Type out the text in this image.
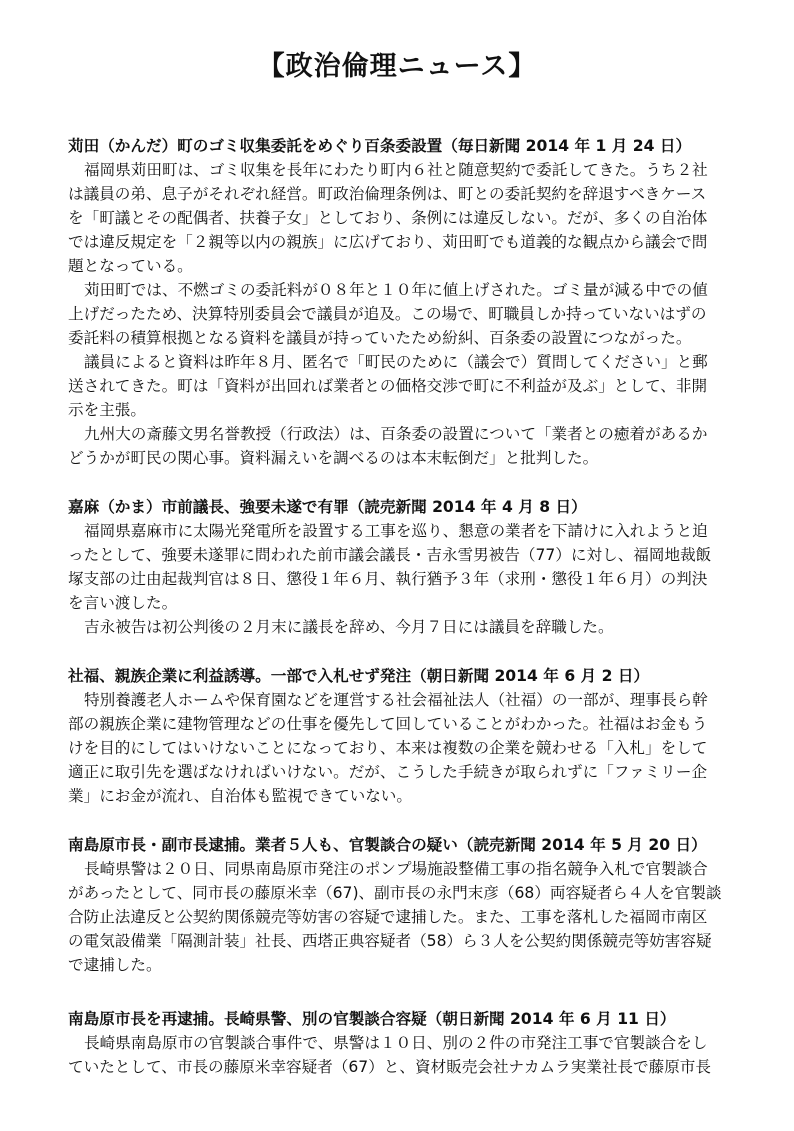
【政治倫理ニュース】
苅田（かんだ）町のゴミ収集委託をめぐり百条委設置（毎日新聞 2014 年 1 月 24 日）

福岡県苅田町は、ゴミ収集を長年にわたり町内６社と随意契約で委託してきた。うち２社
は議員の弟、息子がそれぞれ経営。町政治倫理条例は、町との委託契約を辞退すべきケース
を「町議とその配偶者、扶養子女」としており、条例には違反しない。だが、多くの自治体
では違反規定を「２親等以内の親族」に広げており、苅田町でも道義的な観点から議会で問
題となっている。

苅田町では、不燃ゴミの委託料が０８年と１０年に値上げされた。ゴミ量が減る中での値
上げだったため、決算特別委員会で議員が追及。この場で、町職員しか持っていないはずの
委託料の積算根拠となる資料を議員が持っていたため紛糾、百条委の設置につながった。

議員によると資料は昨年８月、匿名で「町民のために（議会で）質問してください」と郵
送されてきた。町は「資料が出回れば業者との価格交渉で町に不利益が及ぶ」として、非開
示を主張。

九州大の斎藤文男名誉教授（行政法）は、百条委の設置について「業者との癒着があるか
どうかが町民の関心事。資料漏えいを調べるのは本末転倒だ」と批判した。

嘉麻（かま）市前議長、強要未遂で有罪（読売新聞 2014 年 4 月 8 日）

福岡県嘉麻市に太陽光発電所を設置する工事を巡り、懇意の業者を下請けに入れようと迫
ったとして、強要未遂罪に問われた前市議会議長・吉永雪男被告（77）に対し、福岡地裁飯
塚支部の辻由起裁判官は８日、懲役１年６月、執行猶予３年（求刑・懲役１年６月）の判決
を言い渡した。

吉永被告は初公判後の２月末に議長を辞め、今月７日には議員を辞職した。

社福、親族企業に利益誘導。一部で入札せず発注（朝日新聞 2014 年 6 月 2 日）

特別養護老人ホームや保育園などを運営する社会福祉法人（社福）の一部が、理事長ら幹
部の親族企業に建物管理などの仕事を優先して回していることがわかった。社福はお金もう
けを目的にしてはいけないことになっており、本来は複数の企業を競わせる「入札」をして
適正に取引先を選ばなければいけない。だが、こうした手続きが取られずに「ファミリー企
業」にお金が流れ、自治体も監視できていない。

南島原市長・副市長逮捕。業者５人も、官製談合の疑い（読売新聞 2014 年 5 月 20 日）

長崎県警は２０日、同県南島原市発注のポンプ場施設整備工事の指名競争入札で官製談合
があったとして、同市長の藤原米幸（67)、副市長の永門末彦（68）両容疑者ら４人を官製談
合防止法違反と公契約関係競売等妨害の容疑で逮捕した。また、工事を落札した福岡市南区
の電気設備業「隔測計装」社長、西塔正典容疑者（58）ら３人を公契約関係競売等妨害容疑
で逮捕した。

南島原市長を再逮捕。長崎県警、別の官製談合容疑（朝日新聞 2014 年 6 月 11 日）

長崎県南島原市の官製談合事件で、県警は１０日、別の２件の市発注工事で官製談合をし
ていたとして、市長の藤原米幸容疑者（67）と、資材販売会社ナカムラ実業社長で藤原市長
